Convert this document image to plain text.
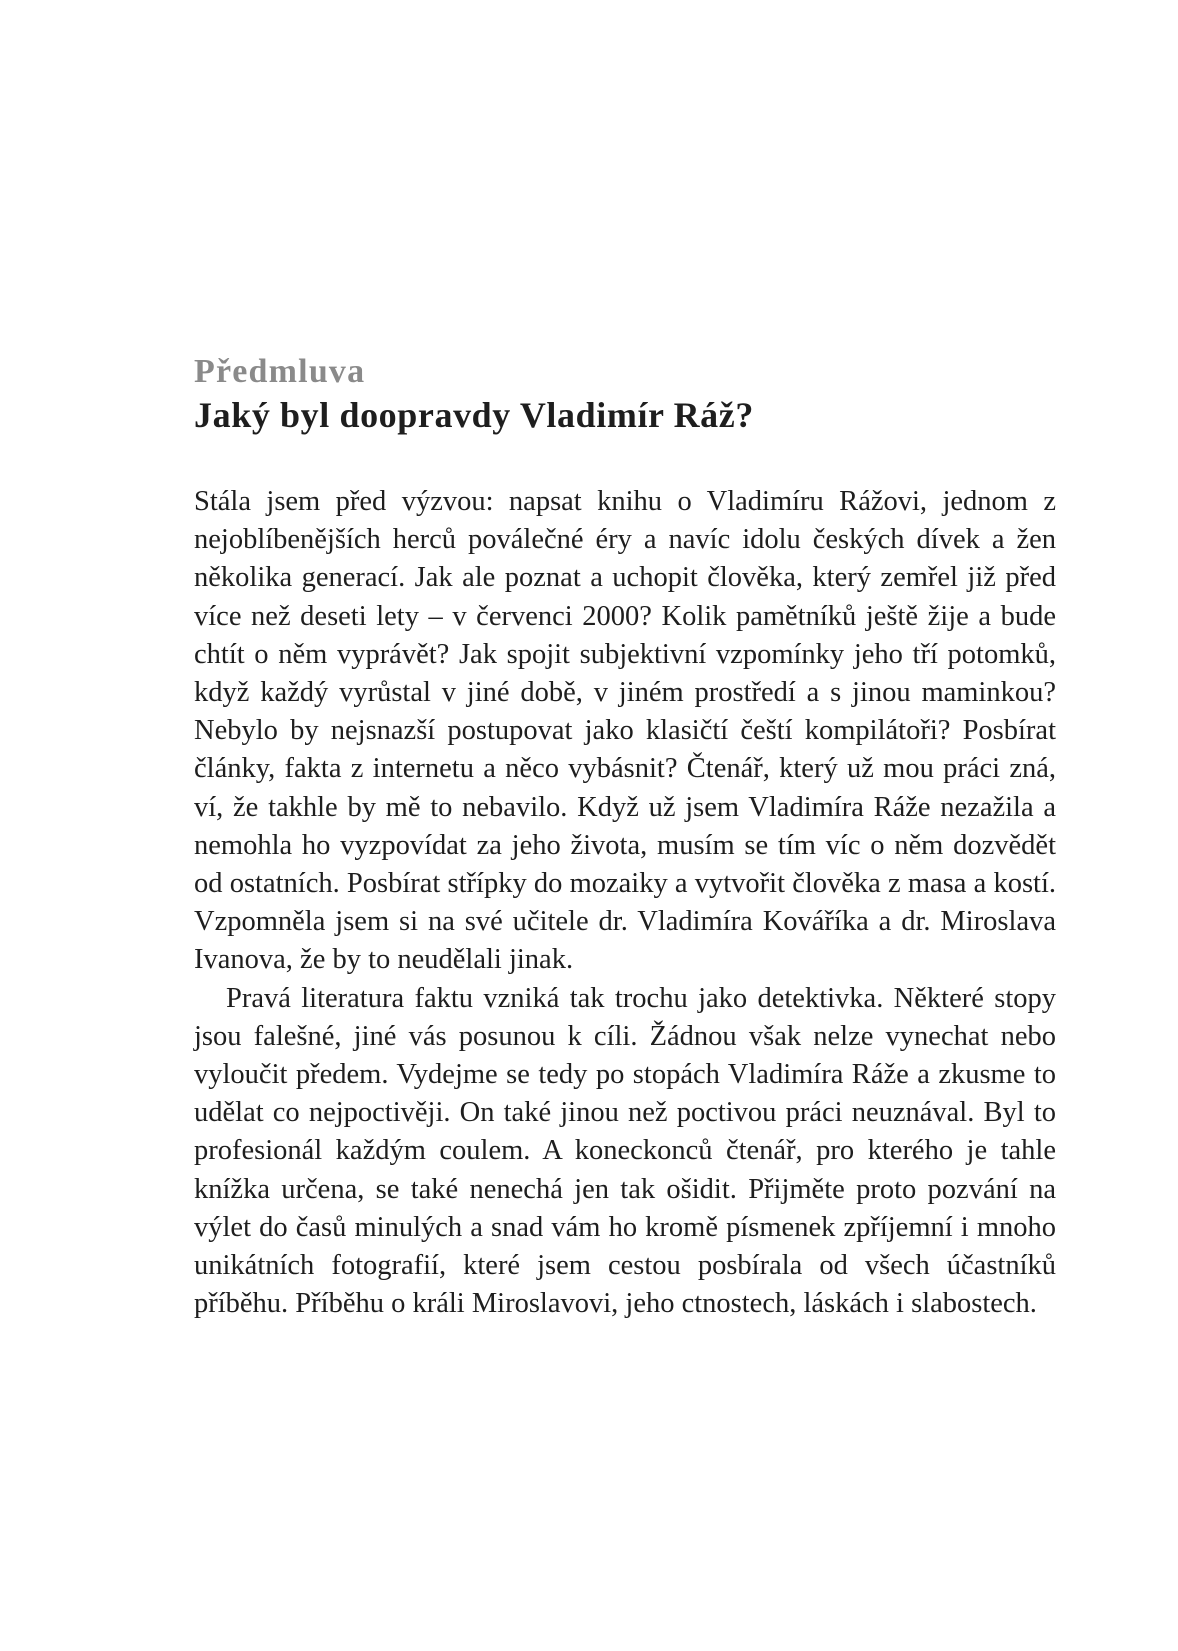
Předmluva
Jaký byl doopravdy Vladimír Ráž?

Stála jsem před výzvou: napsat knihu o Vladimíru Rážovi, jednom z nejoblíbenějších herců poválečné éry a navíc idolu českých dívek a žen několika generací. Jak ale poznat a uchopit člověka, který zemřel již před více než deseti lety – v červenci 2000? Kolik pamětníků ještě žije a bude chtít o něm vyprávět? Jak spojit subjektivní vzpomínky jeho tří potomků, když každý vyrůstal v jiné době, v jiném prostředí a s jinou maminkou? Nebylo by nejsnazší postupovat jako klasičtí čeští kompilátoři? Posbírat články, fakta z internetu a něco vybásnit? Čtenář, který už mou práci zná, ví, že takhle by mě to nebavilo. Když už jsem Vladimíra Ráže nezažila a nemohla ho vyzpovídat za jeho života, musím se tím víc o něm dozvědět od ostatních. Posbírat střípky do mozaiky a vytvořit člověka z masa a kostí. Vzpomněla jsem si na své učitele dr. Vladimíra Kováříka a dr. Miroslava Ivanova, že by to neudělali jinak.

Pravá literatura faktu vzniká tak trochu jako detektivka. Některé stopy jsou falešné, jiné vás posunou k cíli. Žádnou však nelze vynechat nebo vyloučit předem. Vydejme se tedy po stopách Vladimíra Ráže a zkusme to udělat co nejpoctivěji. On také jinou než poctivou práci neuznával. Byl to profesionál každým coulem. A koneckonců čtenář, pro kterého je tahle knížka určena, se také nenechá jen tak ošidit. Přijměte proto pozvání na výlet do časů minulých a snad vám ho kromě písmenek zpříjemní i mnoho unikátních fotografií, které jsem cestou posbírala od všech účastníků příběhu. Příběhu o králi Miroslavovi, jeho ctnostech, láskách i slabostech.
